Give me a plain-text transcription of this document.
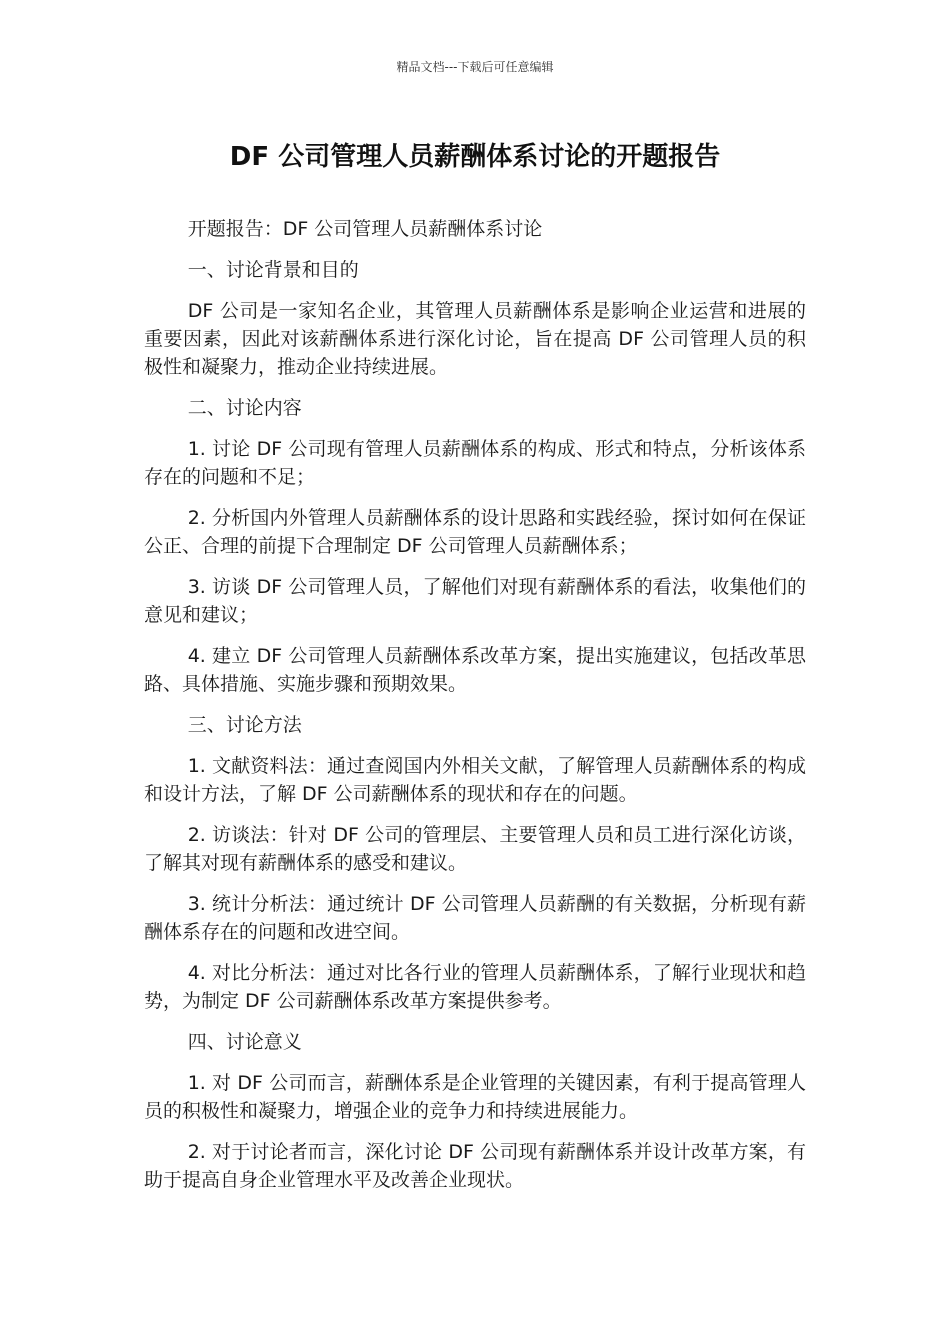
精品文档---下载后可任意编辑
DF 公司管理人员薪酬体系讨论的开题报告

开题报告：DF 公司管理人员薪酬体系讨论

一、讨论背景和目的

DF 公司是一家知名企业，其管理人员薪酬体系是影响企业运营和进展的重要因素，因此对该薪酬体系进行深化讨论，旨在提高 DF 公司管理人员的积极性和凝聚力，推动企业持续进展。

二、讨论内容

1. 讨论 DF 公司现有管理人员薪酬体系的构成、形式和特点，分析该体系存在的问题和不足；

2. 分析国内外管理人员薪酬体系的设计思路和实践经验，探讨如何在保证公正、合理的前提下合理制定 DF 公司管理人员薪酬体系；

3. 访谈 DF 公司管理人员，了解他们对现有薪酬体系的看法，收集他们的意见和建议；

4. 建立 DF 公司管理人员薪酬体系改革方案，提出实施建议，包括改革思路、具体措施、实施步骤和预期效果。

三、讨论方法

1. 文献资料法：通过查阅国内外相关文献，了解管理人员薪酬体系的构成和设计方法，了解 DF 公司薪酬体系的现状和存在的问题。

2. 访谈法：针对 DF 公司的管理层、主要管理人员和员工进行深化访谈，了解其对现有薪酬体系的感受和建议。

3. 统计分析法：通过统计 DF 公司管理人员薪酬的有关数据，分析现有薪酬体系存在的问题和改进空间。

4. 对比分析法：通过对比各行业的管理人员薪酬体系，了解行业现状和趋势，为制定 DF 公司薪酬体系改革方案提供参考。

四、讨论意义

1. 对 DF 公司而言，薪酬体系是企业管理的关键因素，有利于提高管理人员的积极性和凝聚力，增强企业的竞争力和持续进展能力。

2. 对于讨论者而言，深化讨论 DF 公司现有薪酬体系并设计改革方案，有助于提高自身企业管理水平及改善企业现状。
